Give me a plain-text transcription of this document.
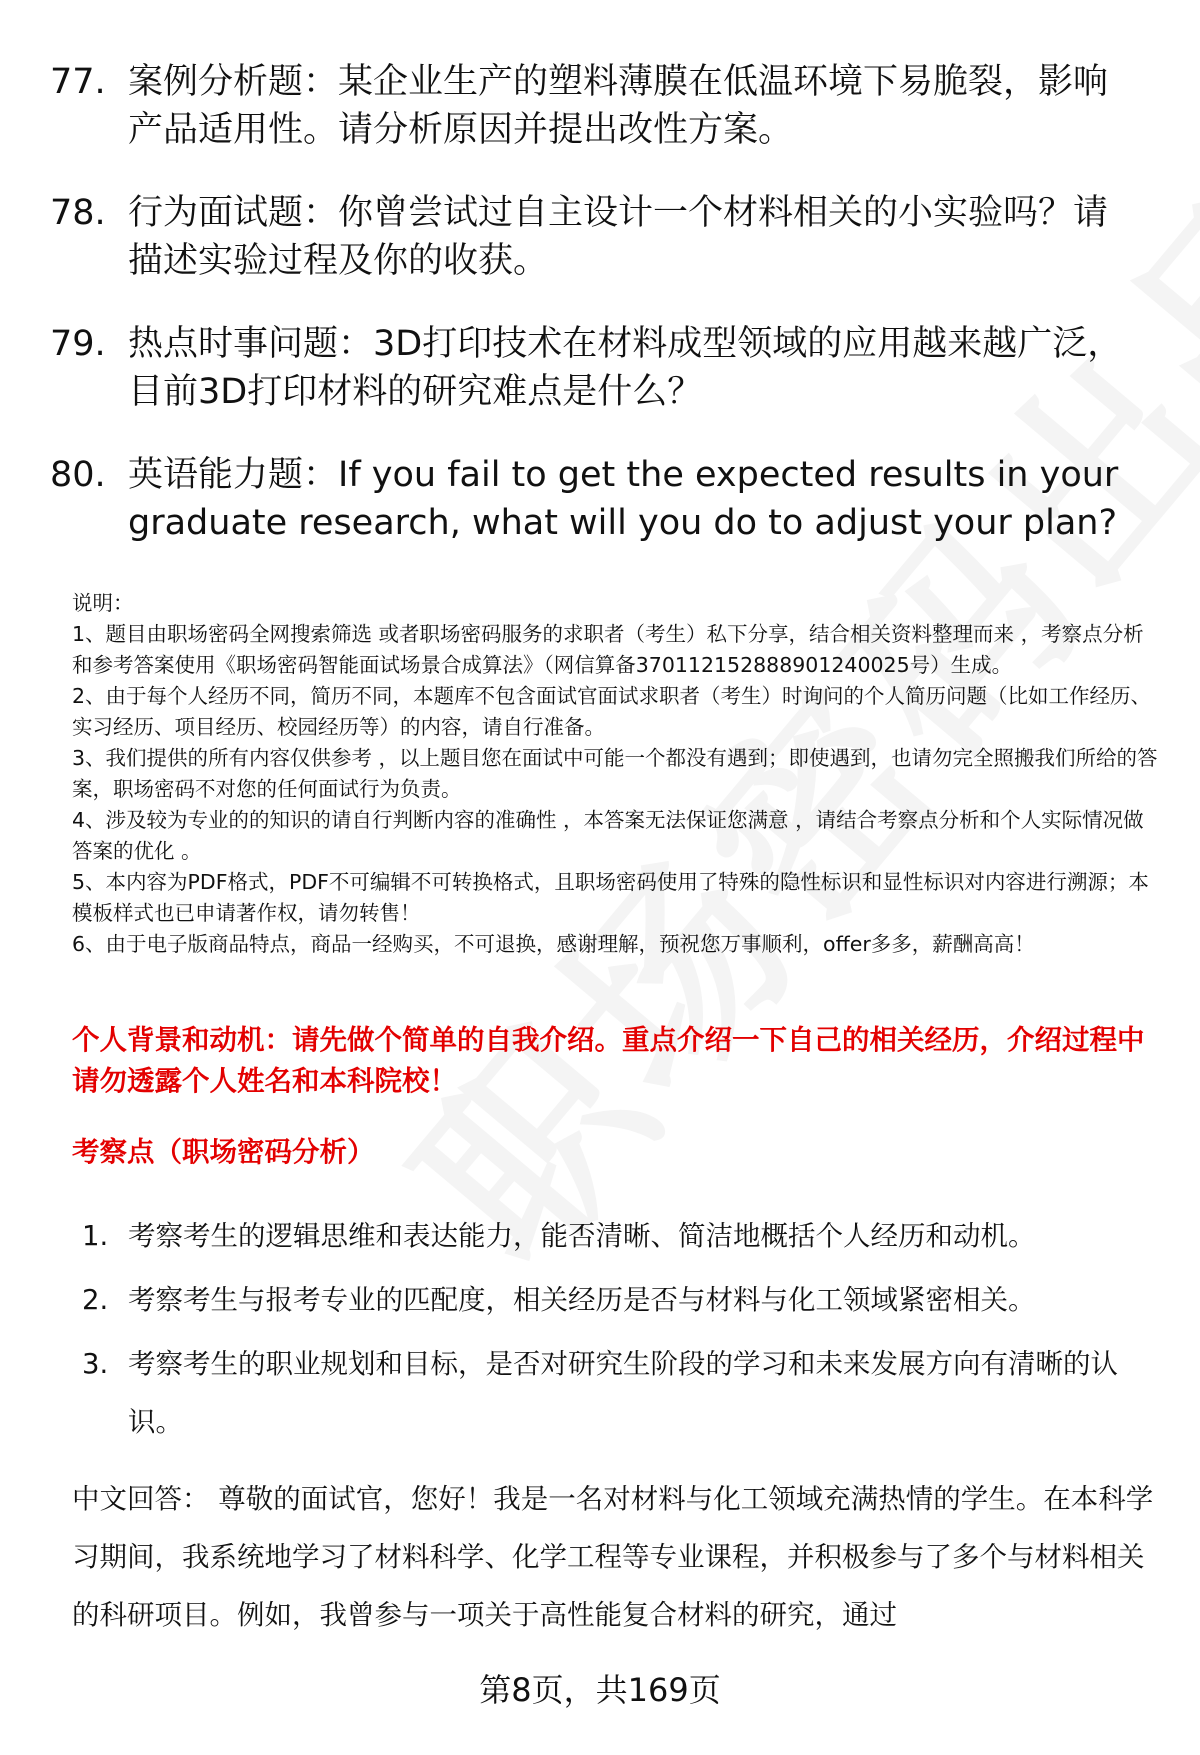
77. 案例分析题：某企业生产的塑料薄膜在低温环境下易脆裂，影响产品适用性。请分析原因并提出改性方案。
78. 行为面试题：你曾尝试过自主设计一个材料相关的小实验吗？请描述实验过程及你的收获。
79. 热点时事问题：3D打印技术在材料成型领域的应用越来越广泛，目前3D打印材料的研究难点是什么？
80. 英语能力题：If you fail to get the expected results in your graduate research, what will you do to adjust your plan?
说明：
1、题目由职场密码全网搜索筛选 或者职场密码服务的求职者（考生）私下分享，结合相关资料整理而来 ，考察点分析和参考答案使用《职场密码智能面试场景合成算法》（网信算备370112152888901240025号）生成。
2、由于每个人经历不同，简历不同，本题库不包含面试官面试求职者（考生）时询问的个人简历问题（比如工作经历、实习经历、项目经历、校园经历等）的内容，请自行准备。
3、我们提供的所有内容仅供参考 ，以上题目您在面试中可能一个都没有遇到；即使遇到，也请勿完全照搬我们所给的答案，职场密码不对您的任何面试行为负责。
4、涉及较为专业的的知识的请自行判断内容的准确性 ，本答案无法保证您满意 ，请结合考察点分析和个人实际情况做答案的优化 。
5、本内容为PDF格式，PDF不可编辑不可转换格式，且职场密码使用了特殊的隐性标识和显性标识对内容进行溯源；本模板样式也已申请著作权，请勿转售！
6、由于电子版商品特点，商品一经购买，不可退换，感谢理解，预祝您万事顺利，offer多多，薪酬高高！
个人背景和动机：请先做个简单的自我介绍。重点介绍一下自己的相关经历，介绍过程中请勿透露个人姓名和本科院校！
考察点（职场密码分析）
1. 考察考生的逻辑思维和表达能力，能否清晰、简洁地概括个人经历和动机。
2. 考察考生与报考专业的匹配度，相关经历是否与材料与化工领域紧密相关。
3. 考察考生的职业规划和目标，是否对研究生阶段的学习和未来发展方向有清晰的认识。
中文回答： 尊敬的面试官，您好！我是一名对材料与化工领域充满热情的学生。在本科学习期间，我系统地学习了材料科学、化学工程等专业课程，并积极参与了多个与材料相关的科研项目。例如，我曾参与一项关于高性能复合材料的研究，通过
第8页，共169页
